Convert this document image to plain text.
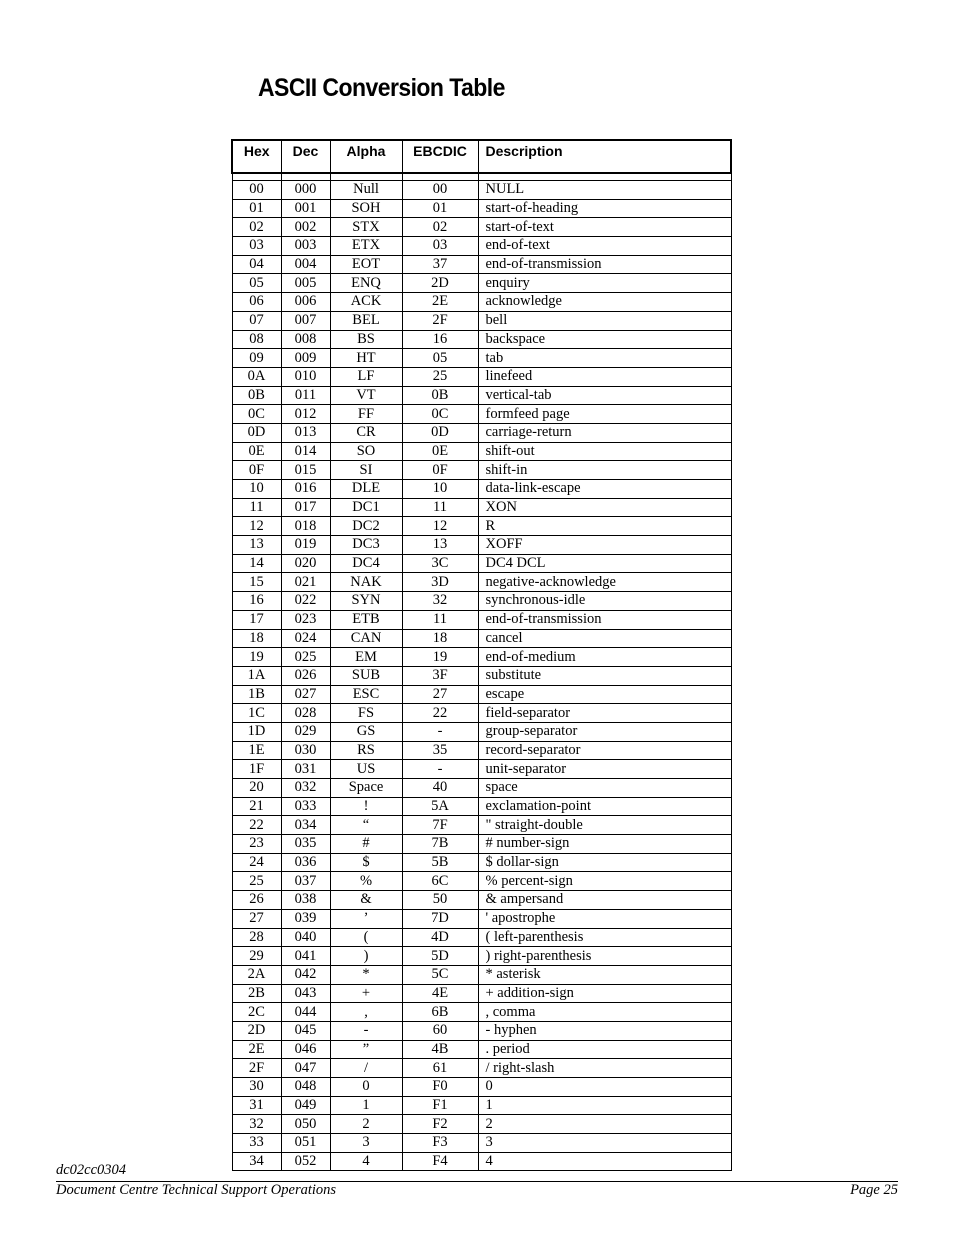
ASCII Conversion Table
Hex	Dec	Alpha	EBCDIC	Description

00	000	Null	00	NULL
01	001	SOH	01	start-of-heading
02	002	STX	02	start-of-text
03	003	ETX	03	end-of-text
04	004	EOT	37	end-of-transmission
05	005	ENQ	2D	enquiry
06	006	ACK	2E	acknowledge
07	007	BEL	2F	bell
08	008	BS	16	backspace
09	009	HT	05	tab
0A	010	LF	25	linefeed
0B	011	VT	0B	vertical-tab
0C	012	FF	0C	formfeed page
0D	013	CR	0D	carriage-return
0E	014	SO	0E	shift-out
0F	015	SI	0F	shift-in
10	016	DLE	10	data-link-escape
11	017	DC1	11	XON
12	018	DC2	12	R
13	019	DC3	13	XOFF
14	020	DC4	3C	DC4 DCL
15	021	NAK	3D	negative-acknowledge
16	022	SYN	32	synchronous-idle
17	023	ETB	11	end-of-transmission
18	024	CAN	18	cancel
19	025	EM	19	end-of-medium
1A	026	SUB	3F	substitute
1B	027	ESC	27	escape
1C	028	FS	22	field-separator
1D	029	GS	-	group-separator
1E	030	RS	35	record-separator
1F	031	US	-	unit-separator
20	032	Space	40	space
21	033	!	5A	exclamation-point
22	034	“	7F	" straight-double
23	035	#	7B	# number-sign
24	036	$	5B	$ dollar-sign
25	037	%	6C	% percent-sign
26	038	&	50	& ampersand
27	039	’	7D	' apostrophe
28	040	(	4D	( left-parenthesis
29	041	)	5D	) right-parenthesis
2A	042	*	5C	* asterisk
2B	043	+	4E	+ addition-sign
2C	044	,	6B	, comma
2D	045	-	60	- hyphen
2E	046	”	4B	. period
2F	047	/	61	/ right-slash
30	048	0	F0	0
31	049	1	F1	1
32	050	2	F2	2
33	051	3	F3	3
34	052	4	F4	4
dc02cc0304
Document Centre Technical Support Operations	Page 25
